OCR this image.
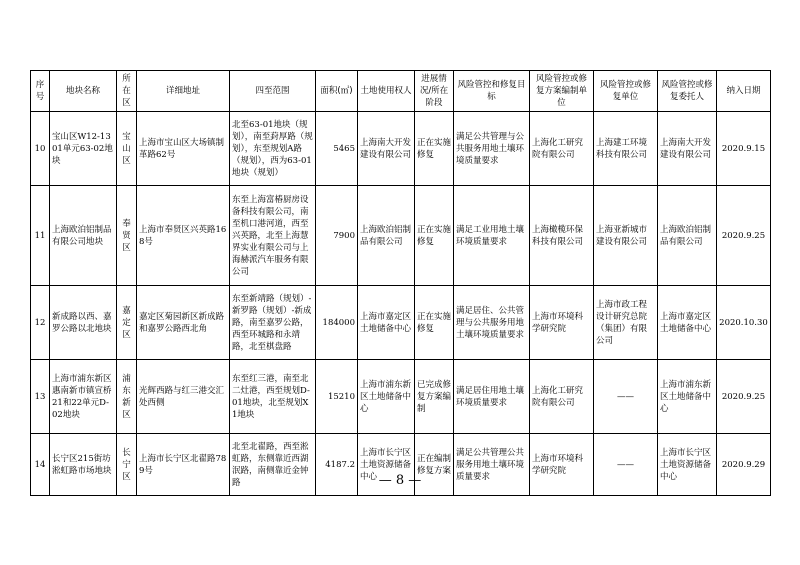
序号	地块名称	所在区	详细地址	四至范围	面积(㎡)	土地使用权人	进展情况/所在阶段	风险管控和修复目标	风险管控或修复方案编制单位	风险管控或修复单位	风险管控或修复委托人	纳入日期
10	宝山区W12-1301单元63-02地块	宝山区	上海市宝山区大场镇制革路62号	北至63-01地块（规划），南至葑厚路（规划），东至规划A路（规划），西为63-01地块（规划）	5465	上海南大开发建设有限公司	正在实施修复	满足公共管理与公共服务用地土壤环境质量要求	上海化工研究院有限公司	上海建工环境科技有限公司	上海南大开发建设有限公司	2020.9.15
11	上海欧泊铝制品有限公司地块	奉贤区	上海市奉贤区兴英路168号	东至上海富椿厨房设备科技有限公司，南至机口港河道，西至兴英路，北至上海慧界实业有限公司与上海赫派汽车服务有限公司	7900	上海欧泊铝制品有限公司	正在实施修复	满足工业用地土壤环境质量要求	上海橄榄环保科技有限公司	上海亚新城市建设有限公司	上海欧泊铝制品有限公司	2020.9.25
12	新成路以西、嘉罗公路以北地块	嘉定区	嘉定区菊园新区新成路和嘉罗公路西北角	东至新靖路（规划）-新罗路（规划）-新成路，南至嘉罗公路，西至环城路和永靖路，北至棋盘路	184000	上海市嘉定区土地储备中心	正在实施修复	满足居住、公共管理与公共服务用地土壤环境质量要求	上海市环境科学研究院	上海市政工程设计研究总院（集团）有限公司	上海市嘉定区土地储备中心	2020.10.30
13	上海市浦东新区惠南新市镇宣桥21和22单元D-02地块	浦东新区	光辉西路与红三港交汇处西侧	东至红三港，南至北二灶港，西至规划D-01地块，北至规划X1地块	15210	上海市浦东新区土地储备中心	已完成修复方案编制	满足居住用地土壤环境质量要求	上海化工研究院有限公司	——	上海市浦东新区土地储备中心	2020.9.25
14	长宁区215街坊淞虹路市场地块	长宁区	上海市长宁区北翟路789号	北至北翟路，西至淞虹路，东侧靠近西湖泯路，南侧靠近金钟路	4187.2	上海市长宁区土地资源储备中心	正在编制修复方案	满足公共管理公共服务用地土壤环境质量要求	上海市环境科学研究院	——	上海市长宁区土地资源储备中心	2020.9.29
— 8 —
